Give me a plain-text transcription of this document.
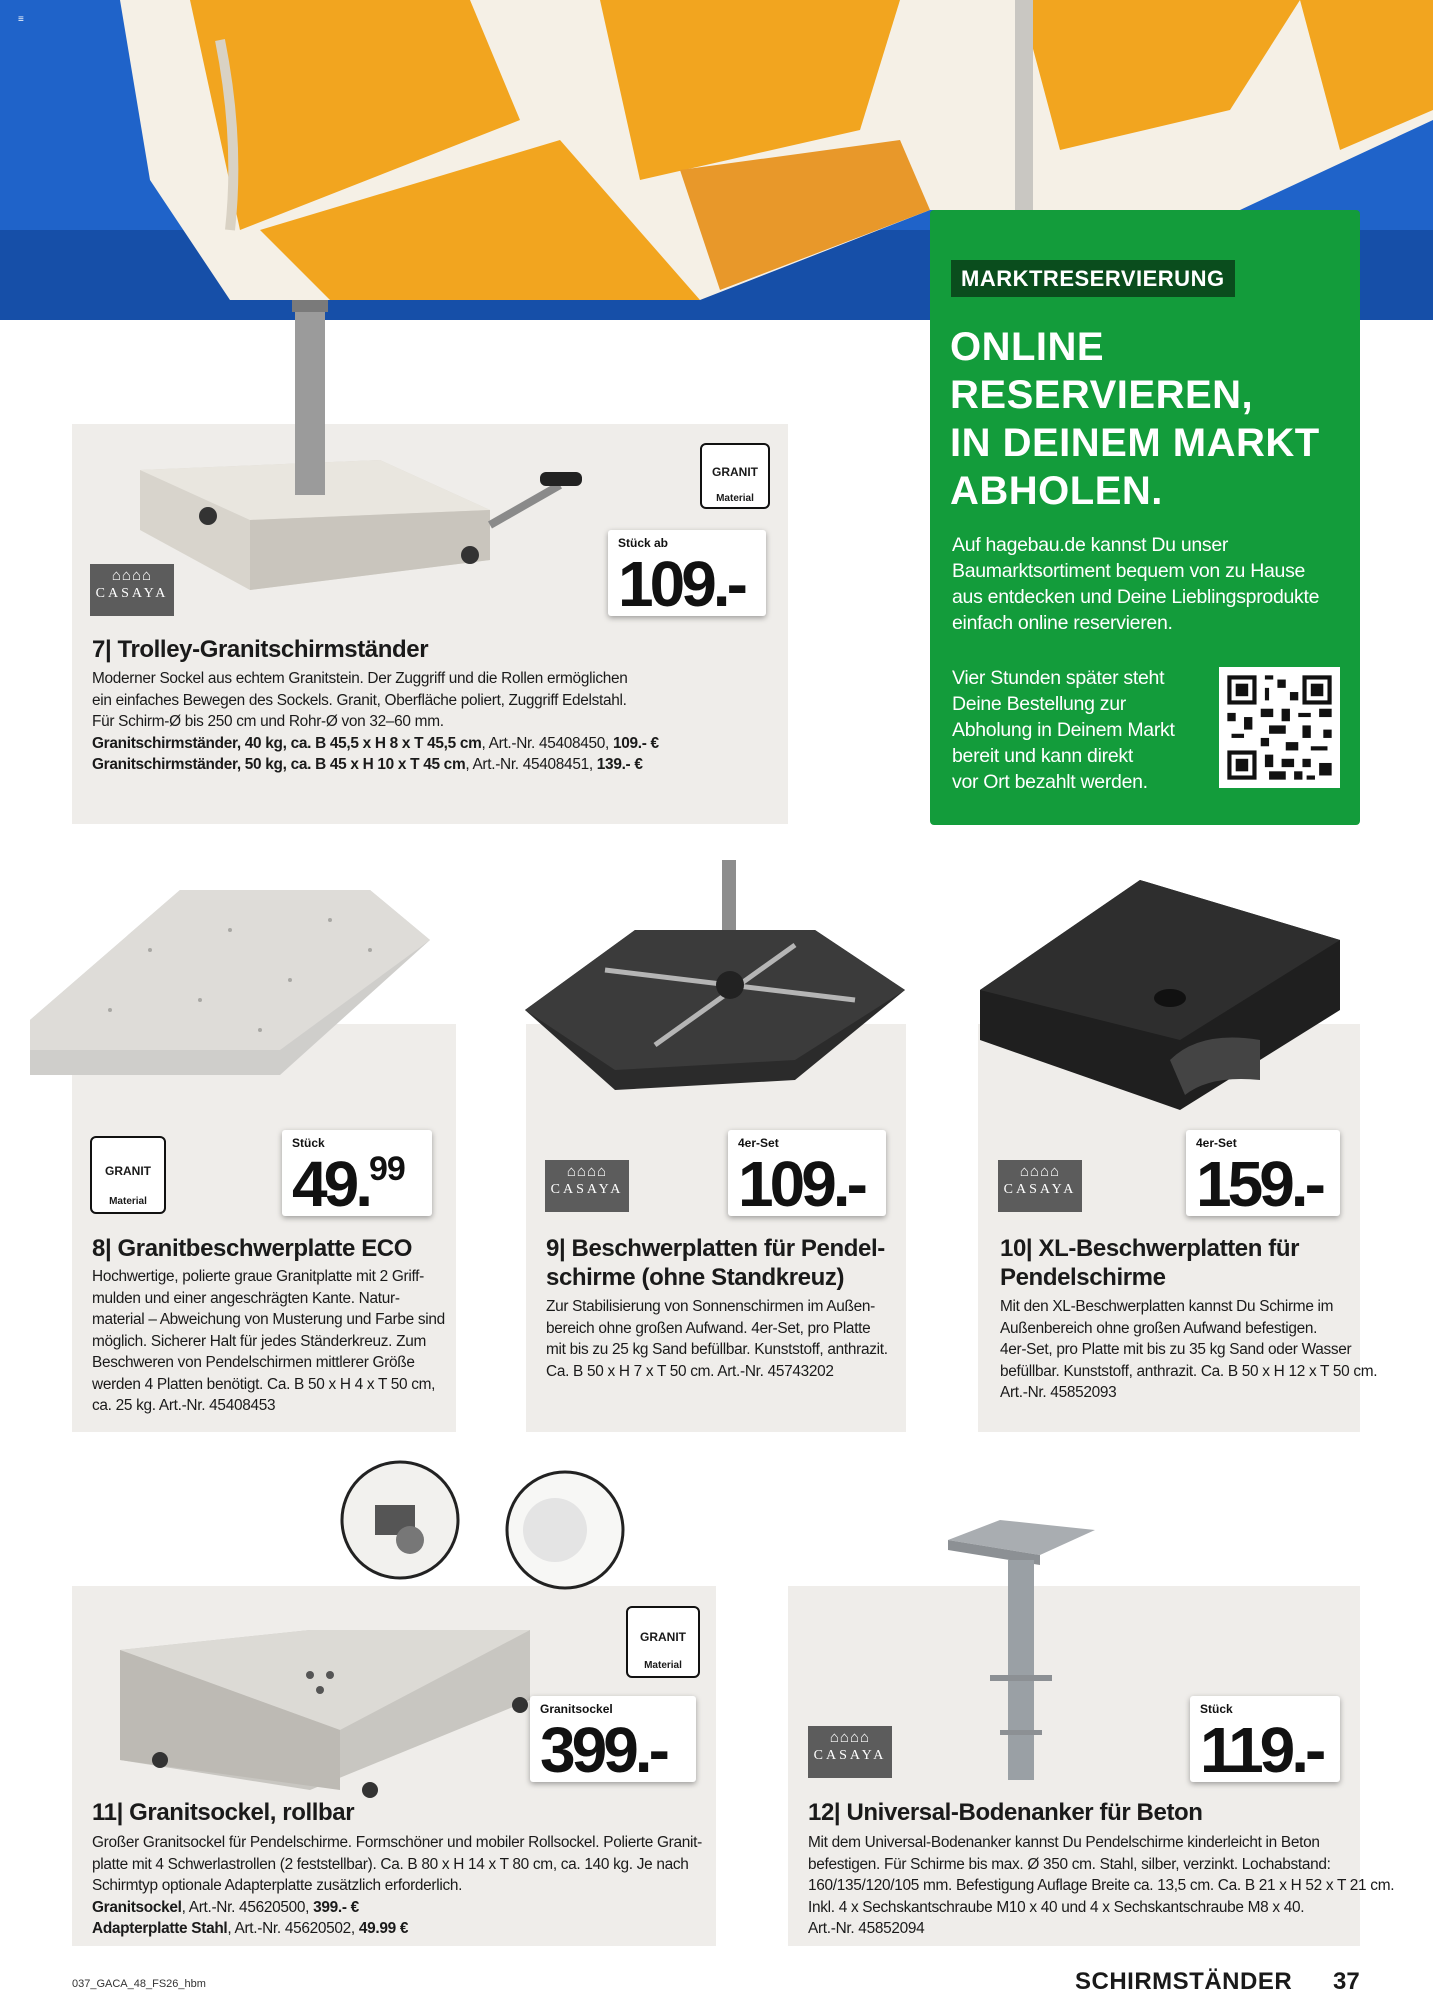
≡
GRANIT
Material
⌂⌂⌂⌂
CASAYA
Stück ab
109.-
7| Trolley-Granitschirmständer
Moderner Sockel aus echtem Granitstein. Der Zuggriff und die Rollen ermöglichen
ein einfaches Bewegen des Sockels. Granit, Oberfläche poliert, Zuggriff Edelstahl.
Für Schirm-Ø bis 250 cm und Rohr-Ø von 32–60 mm.
Granitschirmständer, 40 kg, ca. B 45,5 x H 8 x T 45,5 cm, Art.-Nr. 45408450, 109.- €
Granitschirmständer, 50 kg, ca. B 45 x H 10 x T 45 cm, Art.-Nr. 45408451, 139.- €
MARKTRESERVIERUNG
ONLINE
RESERVIEREN,
IN DEINEM MARKT
ABHOLEN.
Auf hagebau.de kannst Du unser
Baumarktsortiment bequem von zu Hause
aus entdecken und Deine Lieblingsprodukte
einfach online reservieren.
Vier Stunden später steht
Deine Bestellung zur
Abholung in Deinem Markt
bereit und kann direkt
vor Ort bezahlt werden.
GRANIT
Material
Stück
49.99
8| Granitbeschwerplatte ECO
Hochwertige, polierte graue Granitplatte mit 2 Griff-
mulden und einer angeschrägten Kante. Natur-
material – Abweichung von Musterung und Farbe sind
möglich. Sicherer Halt für jedes Ständerkreuz. Zum
Beschweren von Pendelschirmen mittlerer Größe
werden 4 Platten benötigt. Ca. B 50 x H 4 x T 50 cm,
ca. 25 kg. Art.-Nr. 45408453
⌂⌂⌂⌂
CASAYA
4er-Set
109.-
9| Beschwerplatten für Pendel-
schirme (ohne Standkreuz)
Zur Stabilisierung von Sonnenschirmen im Außen-
bereich ohne großen Aufwand. 4er-Set, pro Platte
mit bis zu 25 kg Sand befüllbar. Kunststoff, anthrazit.
Ca. B 50 x H 7 x T 50 cm. Art.-Nr. 45743202
⌂⌂⌂⌂
CASAYA
4er-Set
159.-
10| XL-Beschwerplatten für
Pendelschirme
Mit den XL-Beschwerplatten kannst Du Schirme im
Außenbereich ohne großen Aufwand befestigen.
4er-Set, pro Platte mit bis zu 35 kg Sand oder Wasser
befüllbar. Kunststoff, anthrazit. Ca. B 50 x H 12 x T 50 cm.
Art.-Nr. 45852093
GRANIT
Material
Granitsockel
399.-
11| Granitsockel, rollbar
Großer Granitsockel für Pendelschirme. Formschöner und mobiler Rollsockel. Polierte Granit-
platte mit 4 Schwerlastrollen (2 feststellbar). Ca. B 80 x H 14 x T 80 cm, ca. 140 kg. Je nach
Schirmtyp optionale Adapterplatte zusätzlich erforderlich.
Granitsockel, Art.-Nr. 45620500, 399.- €
Adapterplatte Stahl, Art.-Nr. 45620502, 49.99 €
⌂⌂⌂⌂
CASAYA
Stück
119.-
12| Universal-Bodenanker für Beton
Mit dem Universal-Bodenanker kannst Du Pendelschirme kinderleicht in Beton
befestigen. Für Schirme bis max. Ø 350 cm. Stahl, silber, verzinkt. Lochabstand:
160/135/120/105 mm. Befestigung Auflage Breite ca. 13,5 cm. Ca. B 21 x H 52 x T 21 cm.
Inkl. 4 x Sechskantschraube M10 x 40 und 4 x Sechskantschraube M8 x 40.
Art.-Nr. 45852094
037_GACA_48_FS26_hbm	SCHIRMSTÄNDER 37
